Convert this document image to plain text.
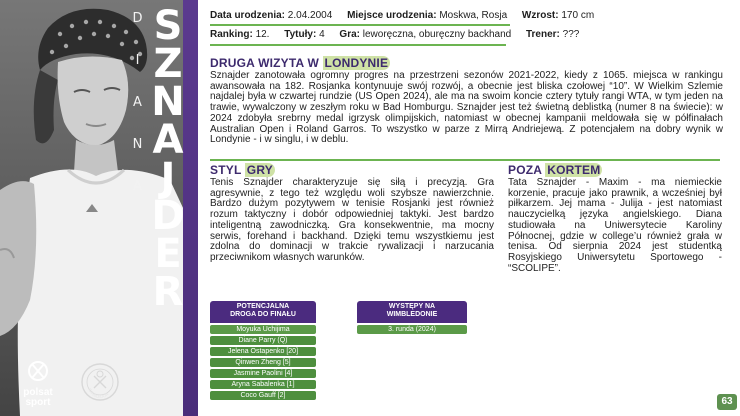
D
I
A
N
A
S
Z
N
A
J
D
E
R
polsat
sport
WIMBLEDON
Data urodzenia: 2.04.2004 Miejsce urodzenia: Moskwa, Rosja Wzrost: 170 cm
Ranking: 12. Tytuły: 4 Gra: leworęczna, oburęczny backhand Trener: ???
DRUGA WIZYTA W LONDYNIE
Sznajder zanotowała ogromny progres na przestrzeni sezonów 2021-2022, kiedy z 1065. miejsca w rankingu awansowała na 182. Rosjanka kontynuuje swój rozwój, a obecnie jest bliska czołowej “10”. W Wielkim Szlemie najdalej była w czwartej rundzie (US Open 2024), ale ma na swoim koncie cztery tytuły rangi WTA, w tym jeden na trawie, wywalczony w zeszłym roku w Bad Homburgu. Sznajder jest też świetną deblistką (numer 8 na świecie): w 2024 zdobyła srebrny medal igrzysk olimpijskich, natomiast w obecnej kampanii meldowała się w półfinałach Australian Open i Roland Garros. To wszystko w parze z Mirrą Andriejewą. Z potencjałem na dobry wynik w Londynie - i w singlu, i w deblu.
STYL GRY
Tenis Sznajder charakteryzuje się siłą i precyzją. Gra agresywnie, z tego też względu woli szybsze nawierzchnie. Bardzo dużym pozytywem w tenisie Rosjanki jest również rozum taktyczny i dobór odpowiedniej taktyki. Jest bardzo inteligentną zawodniczką. Gra konsekwentnie, ma mocny serwis, forehand i backhand. Dzięki temu wszystkiemu jest zdolna do dominacji w trakcie rywalizacji i narzucania przeciwnikom własnych warunków.
POZA KORTEM
Tata Sznajder - Maxim - ma niemieckie korzenie, pracuje jako prawnik, a wcześniej był piłkarzem. Jej mama - Julija - jest natomiast nauczycielką języka angielskiego. Diana studiowała na Uniwersytecie Karoliny Północnej, gdzie w college’u również grała w tenisa. Od sierpnia 2024 jest studentką Rosyjskiego Uniwersytetu Sportowego - “SCOLIPE”.
POTENCJALNA
DROGA DO FINAŁU
Moyuka Uchijima
Diane Parry (Q)
Jelena Ostapenko [20]
Qinwen Zheng [5]
Jasmine Paolini [4]
Aryna Sabalenka [1]
Coco Gauff [2]
WYSTĘPY NA
WIMBLEDONIE
3. runda (2024)
63
